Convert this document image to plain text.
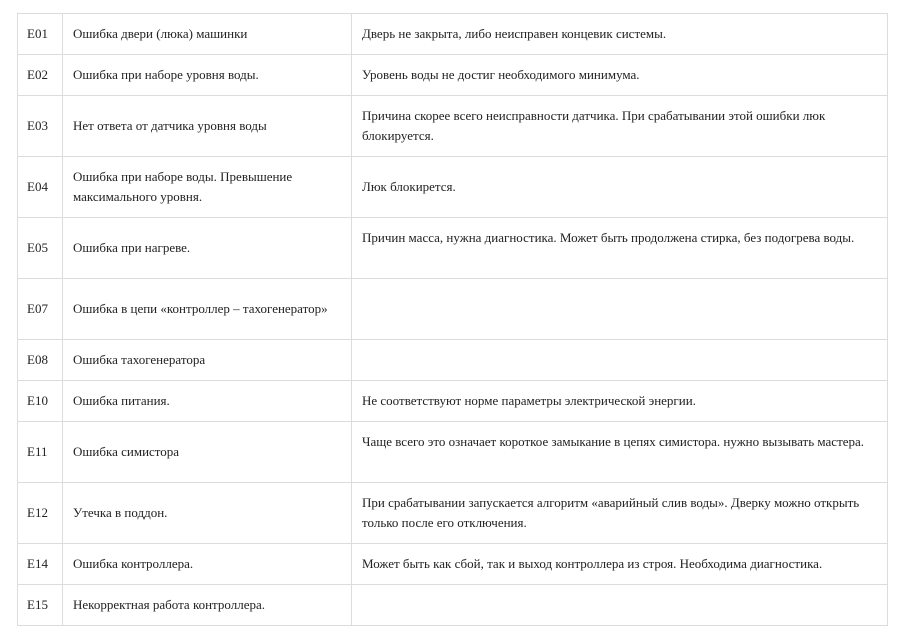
E01	Ошибка двери (люка) машинки	Дверь не закрыта, либо неисправен концевик системы.
E02	Ошибка при наборе уровня воды.	Уровень воды не достиг необходимого минимума.
E03	Нет ответа от датчика уровня воды	Причина скорее всего неисправности датчика. При срабатывании этой ошибки люк блокируется.
E04	Ошибка при наборе воды. Превышение максимального уровня.	Люк блокирется.
E05	Ошибка при нагреве.	Причин масса, нужна диагностика. Может быть продолжена стирка, без подогрева воды.
E07	Ошибка в цепи «контроллер – тахогенератор»	
E08	Ошибка тахогенератора	
E10	Ошибка питания.	Не соответствуют норме параметры электрической энергии.
E11	Ошибка симистора	Чаще всего это означает короткое замыкание в цепях симистора. нужно вызывать мастера.
E12	Утечка в поддон.	При срабатывании запускается алгоритм «аварийный слив воды». Дверку можно открыть только после его отключения.
E14	Ошибка контроллера.	Может быть как сбой, так и выход контроллера из строя. Необходима диагностика.
E15	Некорректная работа контроллера.	
